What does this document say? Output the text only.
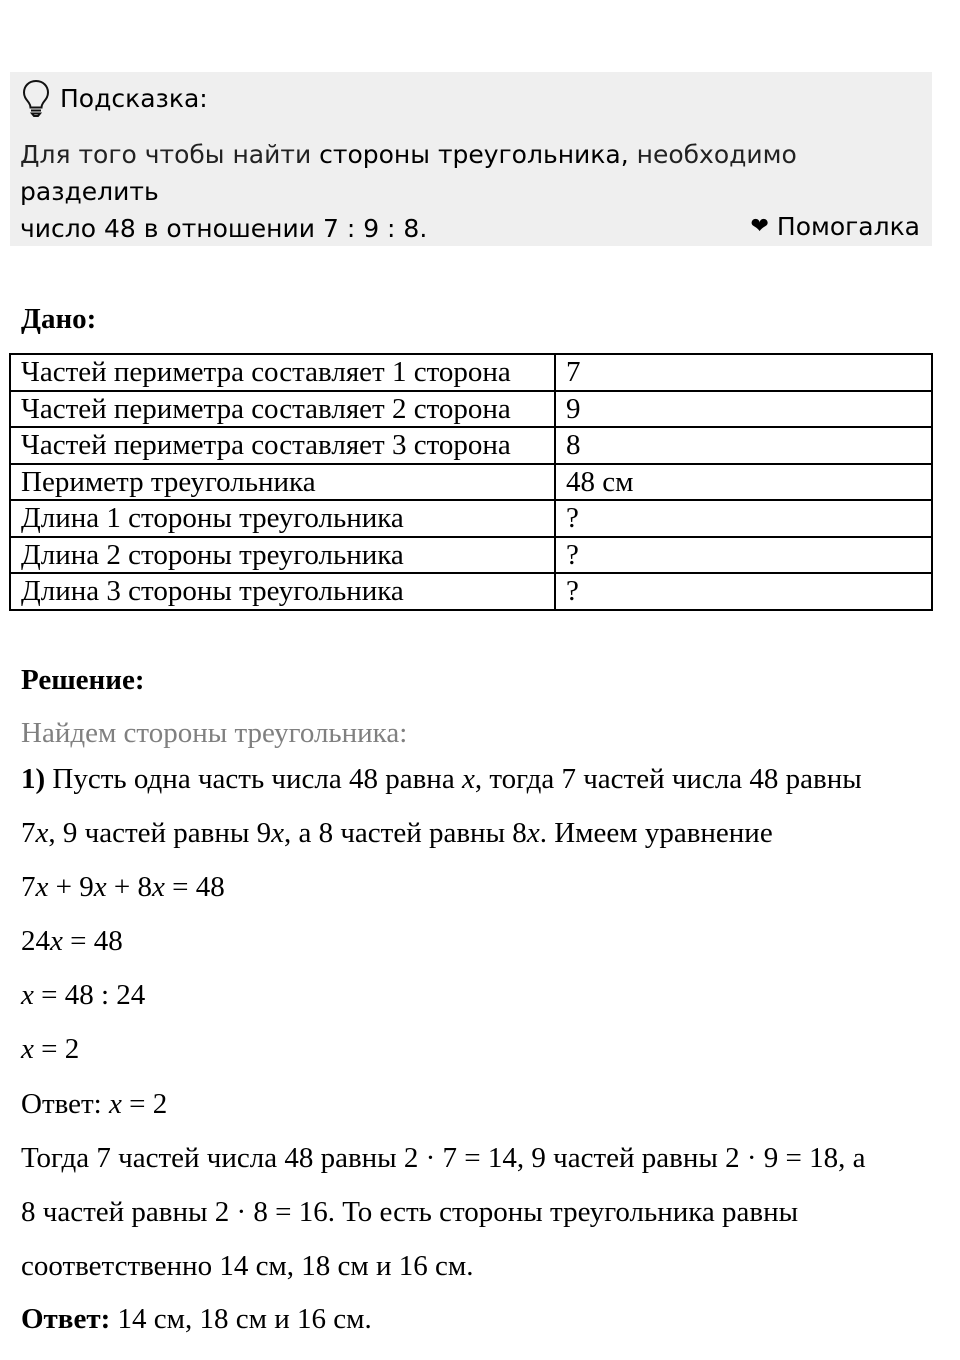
Подсказка:
Для того чтобы найти стороны треугольника, необходимо разделить
число 48 в отношении 7 : 9 : 8.	❤ Помогалка
Дано:
Частей периметра составляет 1 сторона	7
Частей периметра составляет 2 сторона	9
Частей периметра составляет 3 сторона	8
Периметр треугольника	48 см
Длина 1 стороны треугольника	?
Длина 2 стороны треугольника	?
Длина 3 стороны треугольника	?
Решение:
Найдем стороны треугольника:
1) Пусть одна часть числа 48 равна x, тогда 7 частей числа 48 равны
7x, 9 частей равны 9x, а 8 частей равны 8x. Имеем уравнение
7x + 9x + 8x = 48
24x = 48
x = 48 : 24
x = 2
Ответ: x = 2
Тогда 7 частей числа 48 равны 2 · 7 = 14, 9 частей равны 2 · 9 = 18, а
8 частей равны 2 · 8 = 16. То есть стороны треугольника равны
соответственно 14 см, 18 см и 16 см.
Ответ: 14 см, 18 см и 16 см.
